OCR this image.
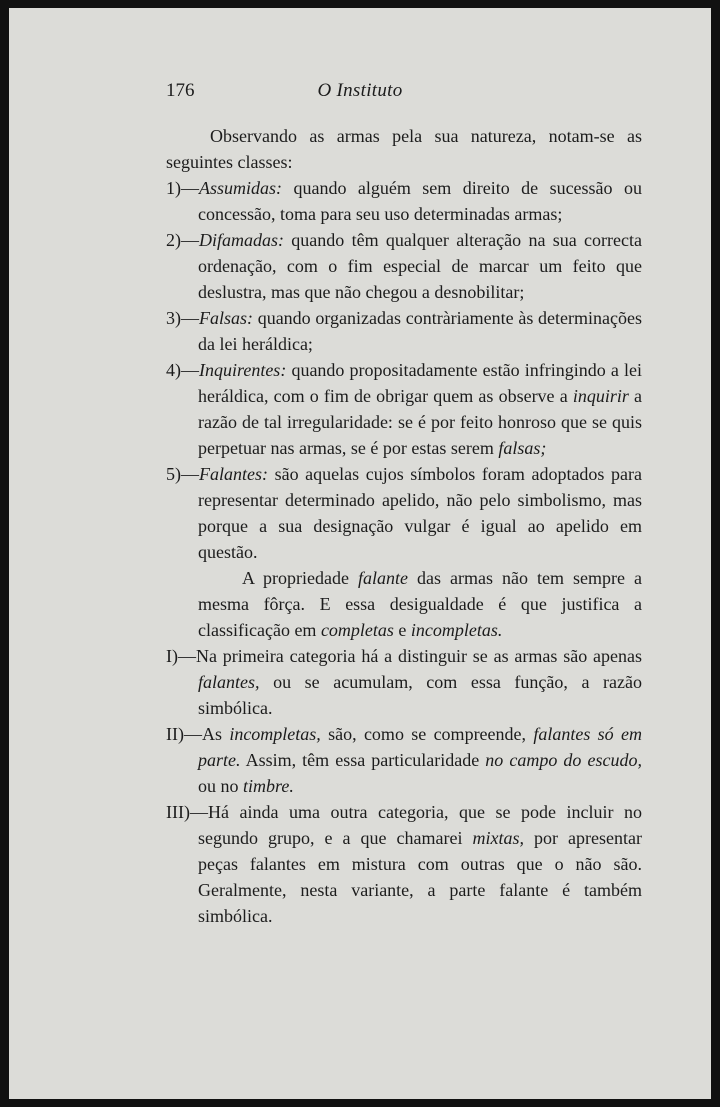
176	O Instituto

Observando as armas pela sua natureza, notam-se as seguintes classes:

1)—Assumidas: quando alguém sem direito de sucessão ou concessão, toma para seu uso determinadas armas;

2)—Difamadas: quando têm qualquer alteração na sua correcta ordenação, com o fim especial de marcar um feito que deslustra, mas que não chegou a desnobilitar;

3)—Falsas: quando organizadas contràriamente às determinações da lei heráldica;

4)—Inquirentes: quando propositadamente estão infringindo a lei heráldica, com o fim de obrigar quem as observe a inquirir a razão de tal irregularidade: se é por feito honroso que se quis perpetuar nas armas, se é por estas serem falsas;

5)—Falantes: são aquelas cujos símbolos foram adoptados para representar determinado apelido, não pelo simbolismo, mas porque a sua designação vulgar é igual ao apelido em questão.

A propriedade falante das armas não tem sempre a mesma fôrça. E essa desigualdade é que justifica a classificação em completas e incompletas.

I)—Na primeira categoria há a distinguir se as armas são apenas falantes, ou se acumulam, com essa função, a razão simbólica.

II)—As incompletas, são, como se compreende, falantes só em parte. Assim, têm essa particularidade no campo do escudo, ou no timbre.

III)—Há ainda uma outra categoria, que se pode incluir no segundo grupo, e a que chamarei mixtas, por apresentar peças falantes em mistura com outras que o não são. Geralmente, nesta variante, a parte falante é também simbólica.
